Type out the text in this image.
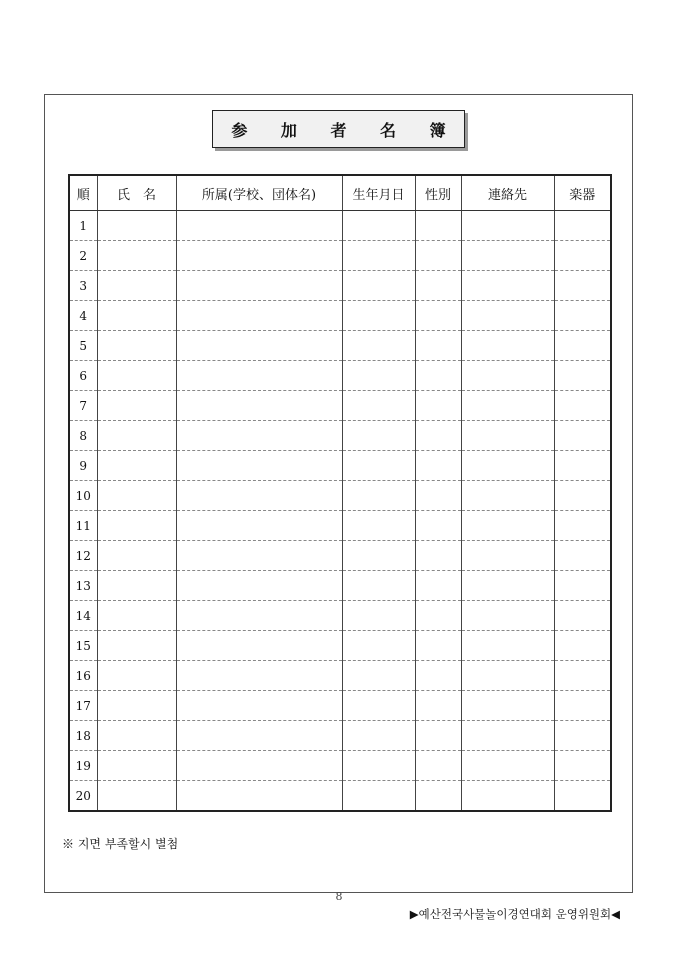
参 加 者 名 簿
順	氏　名	所属(学校、団体名)	生年月日	性別	連絡先	楽器
1						
2						
3						
4						
5						
6						
7						
8						
9						
10						
11						
12						
13						
14						
15						
16						
17						
18						
19						
20						
※ 지면 부족할시 별첨
8
▶예산전국사물놀이경연대회 운영위원회◀
